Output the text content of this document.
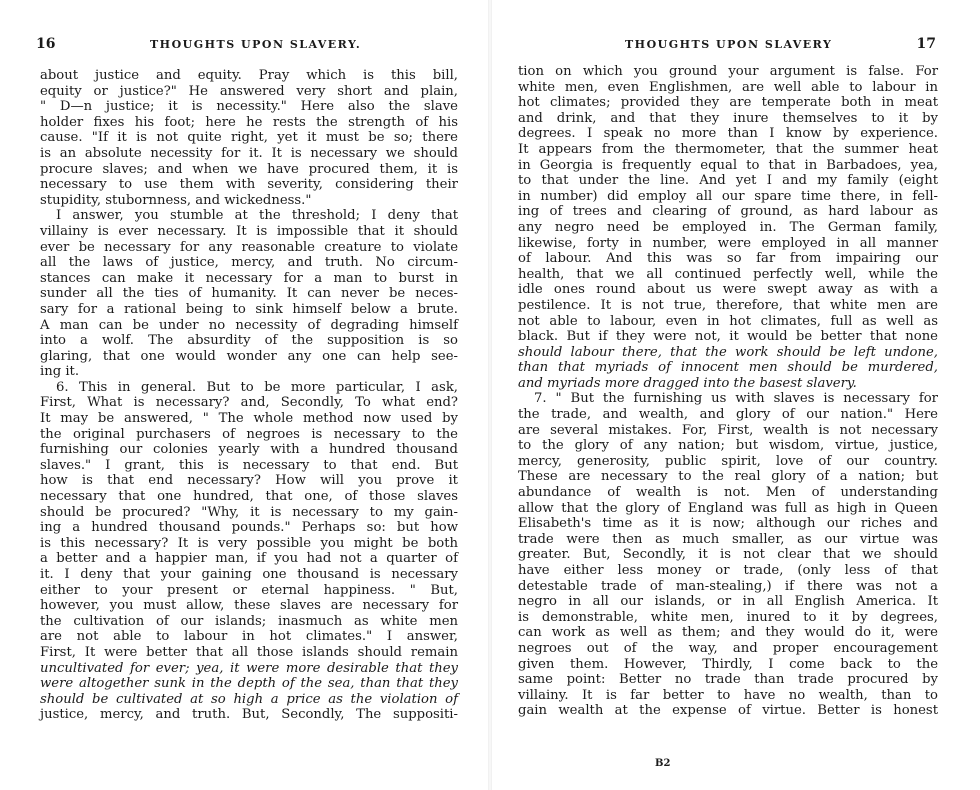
16	THOUGHTS UPON SLAVERY.
about justice and equity. Pray which is this bill,
equity or justice?" He answered very short and plain,
" D—n justice; it is necessity." Here also the slave
holder fixes his foot; here he rests the strength of his
cause. "If it is not quite right, yet it must be so; there
is an absolute necessity for it. It is necessary we should
procure slaves; and when we have procured them, it is
necessary to use them with severity, considering their
stupidity, stubornness, and wickedness."
I answer, you stumble at the threshold; I deny that
villainy is ever necessary. It is impossible that it should
ever be necessary for any reasonable creature to violate
all the laws of justice, mercy, and truth. No circum-
stances can make it necessary for a man to burst in
sunder all the ties of humanity. It can never be neces-
sary for a rational being to sink himself below a brute.
A man can be under no necessity of degrading himself
into a wolf. The absurdity of the supposition is so
glaring, that one would wonder any one can help see-
ing it.
6. This in general. But to be more particular, I ask,
First, What is necessary? and, Secondly, To what end?
It may be answered, " The whole method now used by
the original purchasers of negroes is necessary to the
furnishing our colonies yearly with a hundred thousand
slaves." I grant, this is necessary to that end. But
how is that end necessary? How will you prove it
necessary that one hundred, that one, of those slaves
should be procured? "Why, it is necessary to my gain-
ing a hundred thousand pounds." Perhaps so: but how
is this necessary? It is very possible you might be both
a better and a happier man, if you had not a quarter of
it. I deny that your gaining one thousand is necessary
either to your present or eternal happiness. " But,
however, you must allow, these slaves are necessary for
the cultivation of our islands; inasmuch as white men
are not able to labour in hot climates." I answer,
First, It were better that all those islands should remain
uncultivated for ever; yea, it were more desirable that they
were altogether sunk in the depth of the sea, than that they
should be cultivated at so high a price as the violation of
justice, mercy, and truth. But, Secondly, The suppositi-
THOUGHTS UPON SLAVERY	17
tion on which you ground your argument is false. For
white men, even Englishmen, are well able to labour in
hot climates; provided they are temperate both in meat
and drink, and that they inure themselves to it by
degrees. I speak no more than I know by experience.
It appears from the thermometer, that the summer heat
in Georgia is frequently equal to that in Barbadoes, yea,
to that under the line. And yet I and my family (eight
in number) did employ all our spare time there, in fell-
ing of trees and clearing of ground, as hard labour as
any negro need be employed in. The German family,
likewise, forty in number, were employed in all manner
of labour. And this was so far from impairing our
health, that we all continued perfectly well, while the
idle ones round about us were swept away as with a
pestilence. It is not true, therefore, that white men are
not able to labour, even in hot climates, full as well as
black. But if they were not, it would be better that none
should labour there, that the work should be left undone,
than that myriads of innocent men should be murdered,
and myriads more dragged into the basest slavery.
7. " But the furnishing us with slaves is necessary for
the trade, and wealth, and glory of our nation." Here
are several mistakes. For, First, wealth is not necessary
to the glory of any nation; but wisdom, virtue, justice,
mercy, generosity, public spirit, love of our country.
These are necessary to the real glory of a nation; but
abundance of wealth is not. Men of understanding
allow that the glory of England was full as high in Queen
Elisabeth's time as it is now; although our riches and
trade were then as much smaller, as our virtue was
greater. But, Secondly, it is not clear that we should
have either less money or trade, (only less of that
detestable trade of man-stealing,) if there was not a
negro in all our islands, or in all English America. It
is demonstrable, white men, inured to it by degrees,
can work as well as them; and they would do it, were
negroes out of the way, and proper encouragement
given them. However, Thirdly, I come back to the
same point: Better no trade than trade procured by
villainy. It is far better to have no wealth, than to
gain wealth at the expense of virtue. Better is honest
B2
